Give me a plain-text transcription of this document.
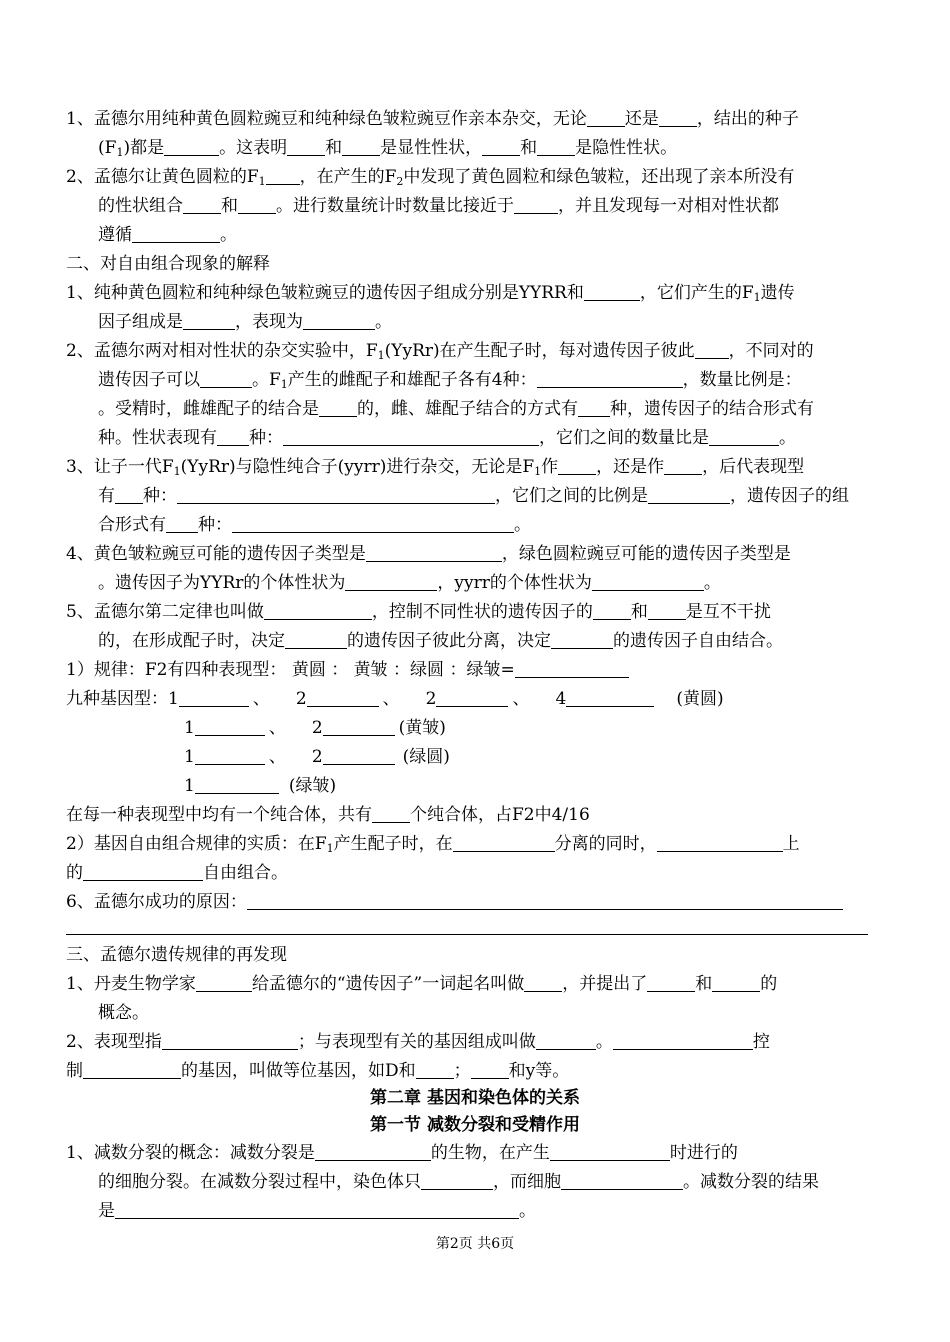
1、孟德尔用纯种黄色圆粒豌豆和纯种绿色皱粒豌豆作亲本杂交，无论 还是 ，结出的种子
$(F_1)$都是	。这表明 和 是显性性状， 和 是隐性性状。
2、孟德尔让黄色圆粒的$F_1$ ，在产生的$F_2$中发现了黄色圆粒和绿色皱粒，还出现了亲本所没有
的性状组合 和 。进行数量统计时数量比接近于	，并且发现每一对相对性状都
遵循	。
二、对自由组合现象的解释
1、纯种黄色圆粒和纯种绿色皱粒豌豆的遗传因子组成分别是YYRR和	，它们产生的$F_1$遗传
因子组成是	，表现为	。
2、孟德尔两对相对性状的杂交实验中，$F_1(YyRr)$在产生配子时，每对遗传因子彼此 ，不同对的
遗传因子可以	。$F_1$产生的雌配子和雄配子各有4种：	，数量比例是：
。受精时，雌雄配子的结合是 的，雌、雄配子结合的方式有 种，遗传因子的结合形式有
种。性状表现有 种：	，它们之间的数量比是	。
3、让子一代$F_1(YyRr)$与隐性纯合子(yyrr)进行杂交，无论是$F_1$作 ，还是作 ，后代表现型
有 种：	，它们之间的比例是	，遗传因子的组
合形式有 种：	。
4、黄色皱粒豌豆可能的遗传因子类型是	，绿色圆粒豌豆可能的遗传因子类型是
。遗传因子为YYRr的个体性状为	，yyrr的个体性状为	。
5、孟德尔第二定律也叫做	，控制不同性状的遗传因子的 和 是互不干扰
的，在形成配子时，决定	的遗传因子彼此分离，决定	的遗传因子自由结合。
1）规律：F2有四种表现型： 黄圆 ： 黄皱 ：绿圆 ：绿皱=
九种基因型：1	、 2	、 2	、 4	(黄圆)
1	、 2	(黄皱)
1	、 2	(绿圆)
1	(绿皱)
在每一种表现型中均有一个纯合体，共有 个纯合体，占F2中4/16
2）基因自由组合规律的实质：在$F_1$产生配子时，在	分离的同时，	上
的	自由组合。
6、孟德尔成功的原因：
三、孟德尔遗传规律的再发现
1、丹麦生物学家	给孟德尔的“遗传因子”一词起名叫做 ，并提出了	和	的
概念。
2、表现型指	；与表现型有关的基因组成叫做	。	控
制	的基因，叫做等位基因，如D和 ； 和y等。
第二章 基因和染色体的关系
第一节 减数分裂和受精作用
1、减数分裂的概念：减数分裂是	的生物，在产生	时进行的
的细胞分裂。在减数分裂过程中，染色体只	，而细胞	。减数分裂的结果
是	。
第2页 共6页
